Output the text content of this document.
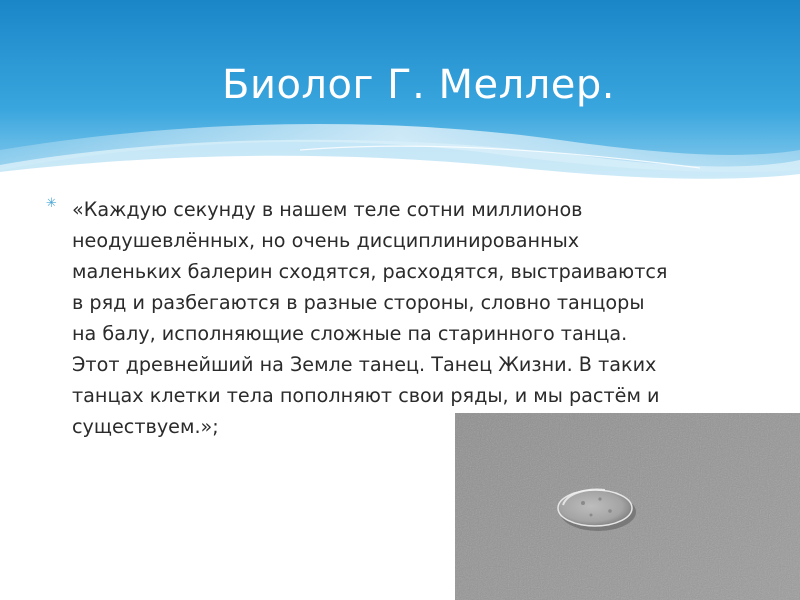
Биолог Г. Меллер.
✳ «Каждую секунду в нашем теле сотни миллионов
неодушевлённых, но очень дисциплинированных
маленьких балерин сходятся, расходятся, выстраиваются
в ряд и разбегаются в разные стороны, словно танцоры
на балу, исполняющие сложные па старинного танца.
Этот древнейший на Земле танец. Танец Жизни. В таких
танцах клетки тела пополняют свои ряды, и мы растём и
существуем.»;
